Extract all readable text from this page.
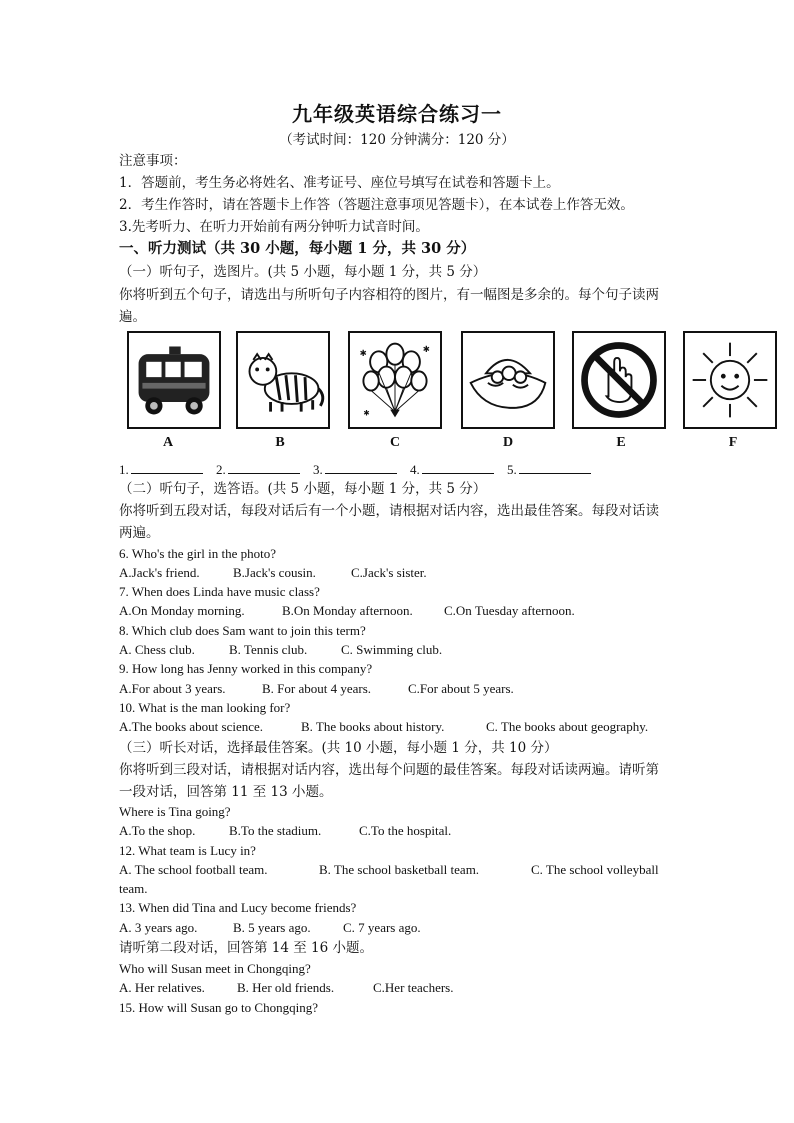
九年级英语综合练习一
（考试时间：120 分钟满分：120 分）
注意事项：
1．答题前，考生务必将姓名、准考证号、座位号填写在试卷和答题卡上。
2．考生作答时，请在答题卡上作答（答题注意事项见答题卡），在本试卷上作答无效。
3.先考听力、在听力开始前有两分钟听力试音时间。
一、听力测试（共 30 小题，每小题 1 分，共 30 分）
（一）听句子，选图片。(共 5 小题，每小题 1 分，共 5 分）
你将听到五个句子，请选出与所听句子内容相符的图片，有一幅图是多余的。每个句子读两
遍。
✱	✱
✱
A	B	C	D	E	F
1.	2.	3.	4.	5.
（二）听句子，选答语。(共 5 小题，每小题 1 分，共 5 分）
你将听到五段对话，每段对话后有一个小题，请根据对话内容，选出最佳答案。每段对话读
两遍。
6. Who's the girl in the photo?
A.Jack's friend.	B.Jack's cousin.	C.Jack's sister.
7. When does Linda have music class?
A.On Monday morning.	B.On Monday afternoon. C.On Tuesday afternoon.
8. Which club does Sam want to join this term?
A. Chess club.	B. Tennis club.	C. Swimming club.
9. How long has Jenny worked in this company?
A.For about 3 years.	B. For about 4 years.	C.For about 5 years.
10. What is the man looking for?
A.The books about science.	B. The books about history.	C. The books about geography.
（三）听长对话，选择最佳答案。(共 10 小题，每小题 1 分，共 10 分）
你将听到三段对话，请根据对话内容，选出每个问题的最佳答案。每段对话读两遍。请听第
一段对话，回答第 11 至 13 小题。
Where is Tina going?
A.To the shop.	B.To the stadium.	C.To the hospital.
12. What team is Lucy in?
A. The school football team.	B. The school basketball team.	C. The school volleyball
team.
13. When did Tina and Lucy become friends?
A. 3 years ago.	B. 5 years ago. C. 7 years ago.
请听第二段对话，回答第 14 至 16 小题。
Who will Susan meet in Chongqing?
A. Her relatives. B. Her old friends.	C.Her teachers.
15. How will Susan go to Chongqing?
